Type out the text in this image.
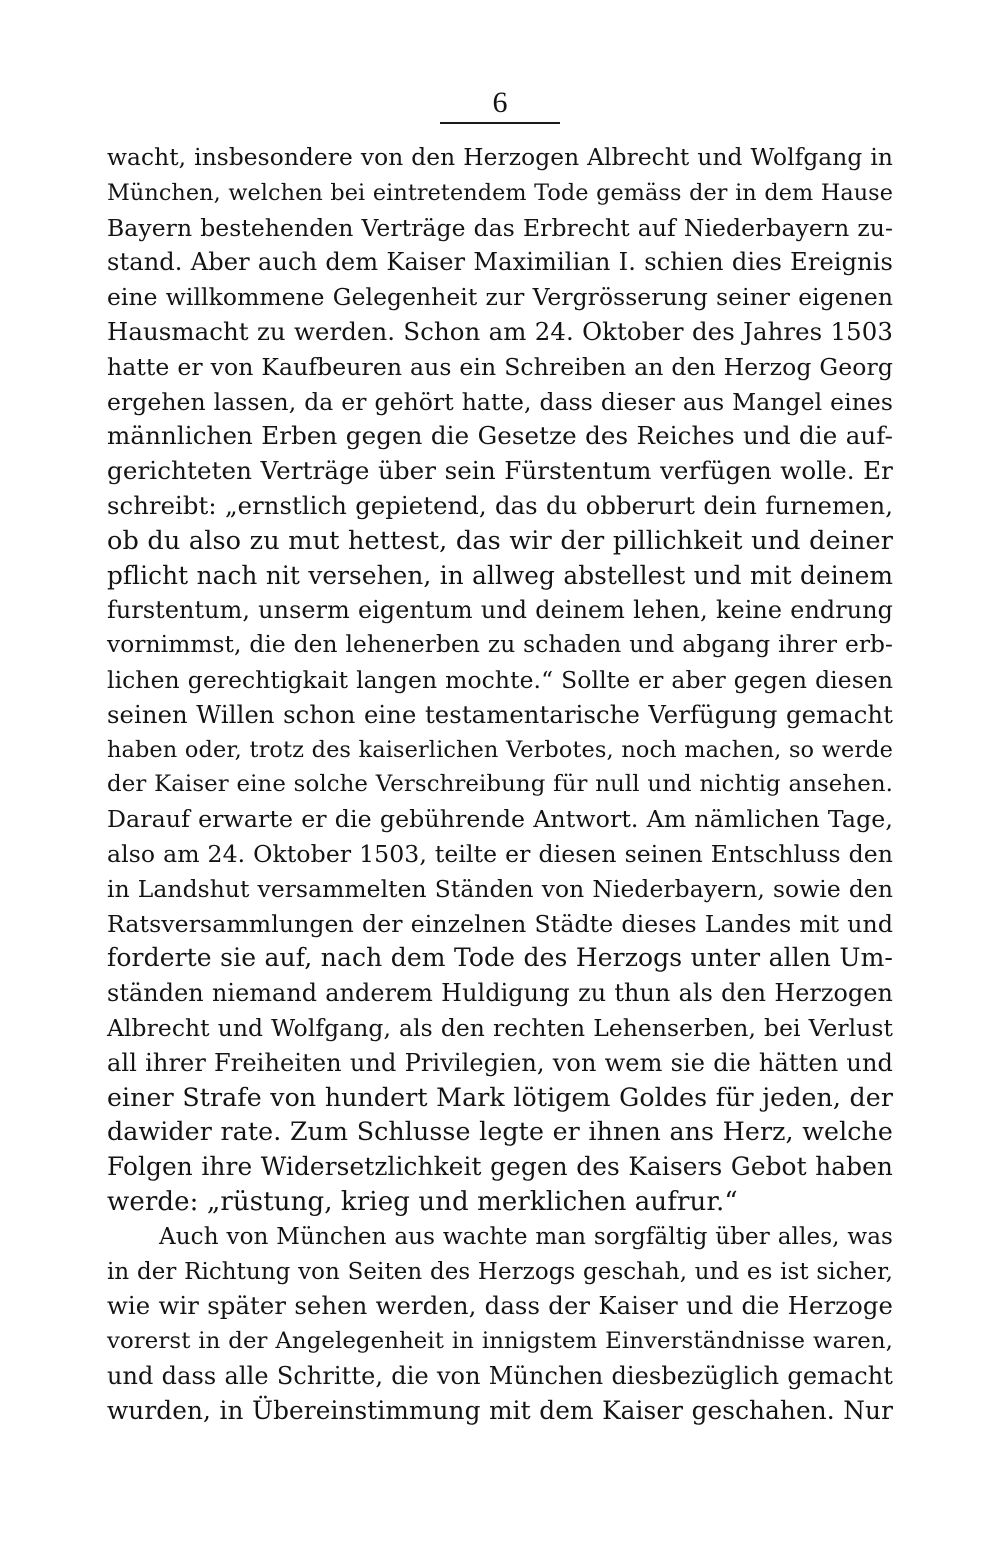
6
wacht, insbesondere von den Herzogen Albrecht und Wolfgang in
München, welchen bei eintretendem Tode gemäss der in dem Hause
Bayern bestehenden Verträge das Erbrecht auf Niederbayern zu-
stand. Aber auch dem Kaiser Maximilian I. schien dies Ereignis
eine willkommene Gelegenheit zur Vergrösserung seiner eigenen
Hausmacht zu werden. Schon am 24. Oktober des Jahres 1503
hatte er von Kaufbeuren aus ein Schreiben an den Herzog Georg
ergehen lassen, da er gehört hatte, dass dieser aus Mangel eines
männlichen Erben gegen die Gesetze des Reiches und die auf-
gerichteten Verträge über sein Fürstentum verfügen wolle. Er
schreibt: „ernstlich gepietend, das du obberurt dein furnemen,
ob du also zu mut hettest, das wir der pillichkeit und deiner
pflicht nach nit versehen, in allweg abstellest und mit deinem
furstentum, unserm eigentum und deinem lehen, keine endrung
vornimmst, die den lehenerben zu schaden und abgang ihrer erb-
lichen gerechtigkait langen mochte.“ Sollte er aber gegen diesen
seinen Willen schon eine testamentarische Verfügung gemacht
haben oder, trotz des kaiserlichen Verbotes, noch machen, so werde
der Kaiser eine solche Verschreibung für null und nichtig ansehen.
Darauf erwarte er die gebührende Antwort. Am nämlichen Tage,
also am 24. Oktober 1503, teilte er diesen seinen Entschluss den
in Landshut versammelten Ständen von Niederbayern, sowie den
Ratsversammlungen der einzelnen Städte dieses Landes mit und
forderte sie auf, nach dem Tode des Herzogs unter allen Um-
ständen niemand anderem Huldigung zu thun als den Herzogen
Albrecht und Wolfgang, als den rechten Lehenserben, bei Verlust
all ihrer Freiheiten und Privilegien, von wem sie die hätten und
einer Strafe von hundert Mark lötigem Goldes für jeden, der
dawider rate. Zum Schlusse legte er ihnen ans Herz, welche
Folgen ihre Widersetzlichkeit gegen des Kaisers Gebot haben
werde: „rüstung, krieg und merklichen aufrur.“
Auch von München aus wachte man sorgfältig über alles, was
in der Richtung von Seiten des Herzogs geschah, und es ist sicher,
wie wir später sehen werden, dass der Kaiser und die Herzoge
vorerst in der Angelegenheit in innigstem Einverständnisse waren,
und dass alle Schritte, die von München diesbezüglich gemacht
wurden, in Übereinstimmung mit dem Kaiser geschahen. Nur
